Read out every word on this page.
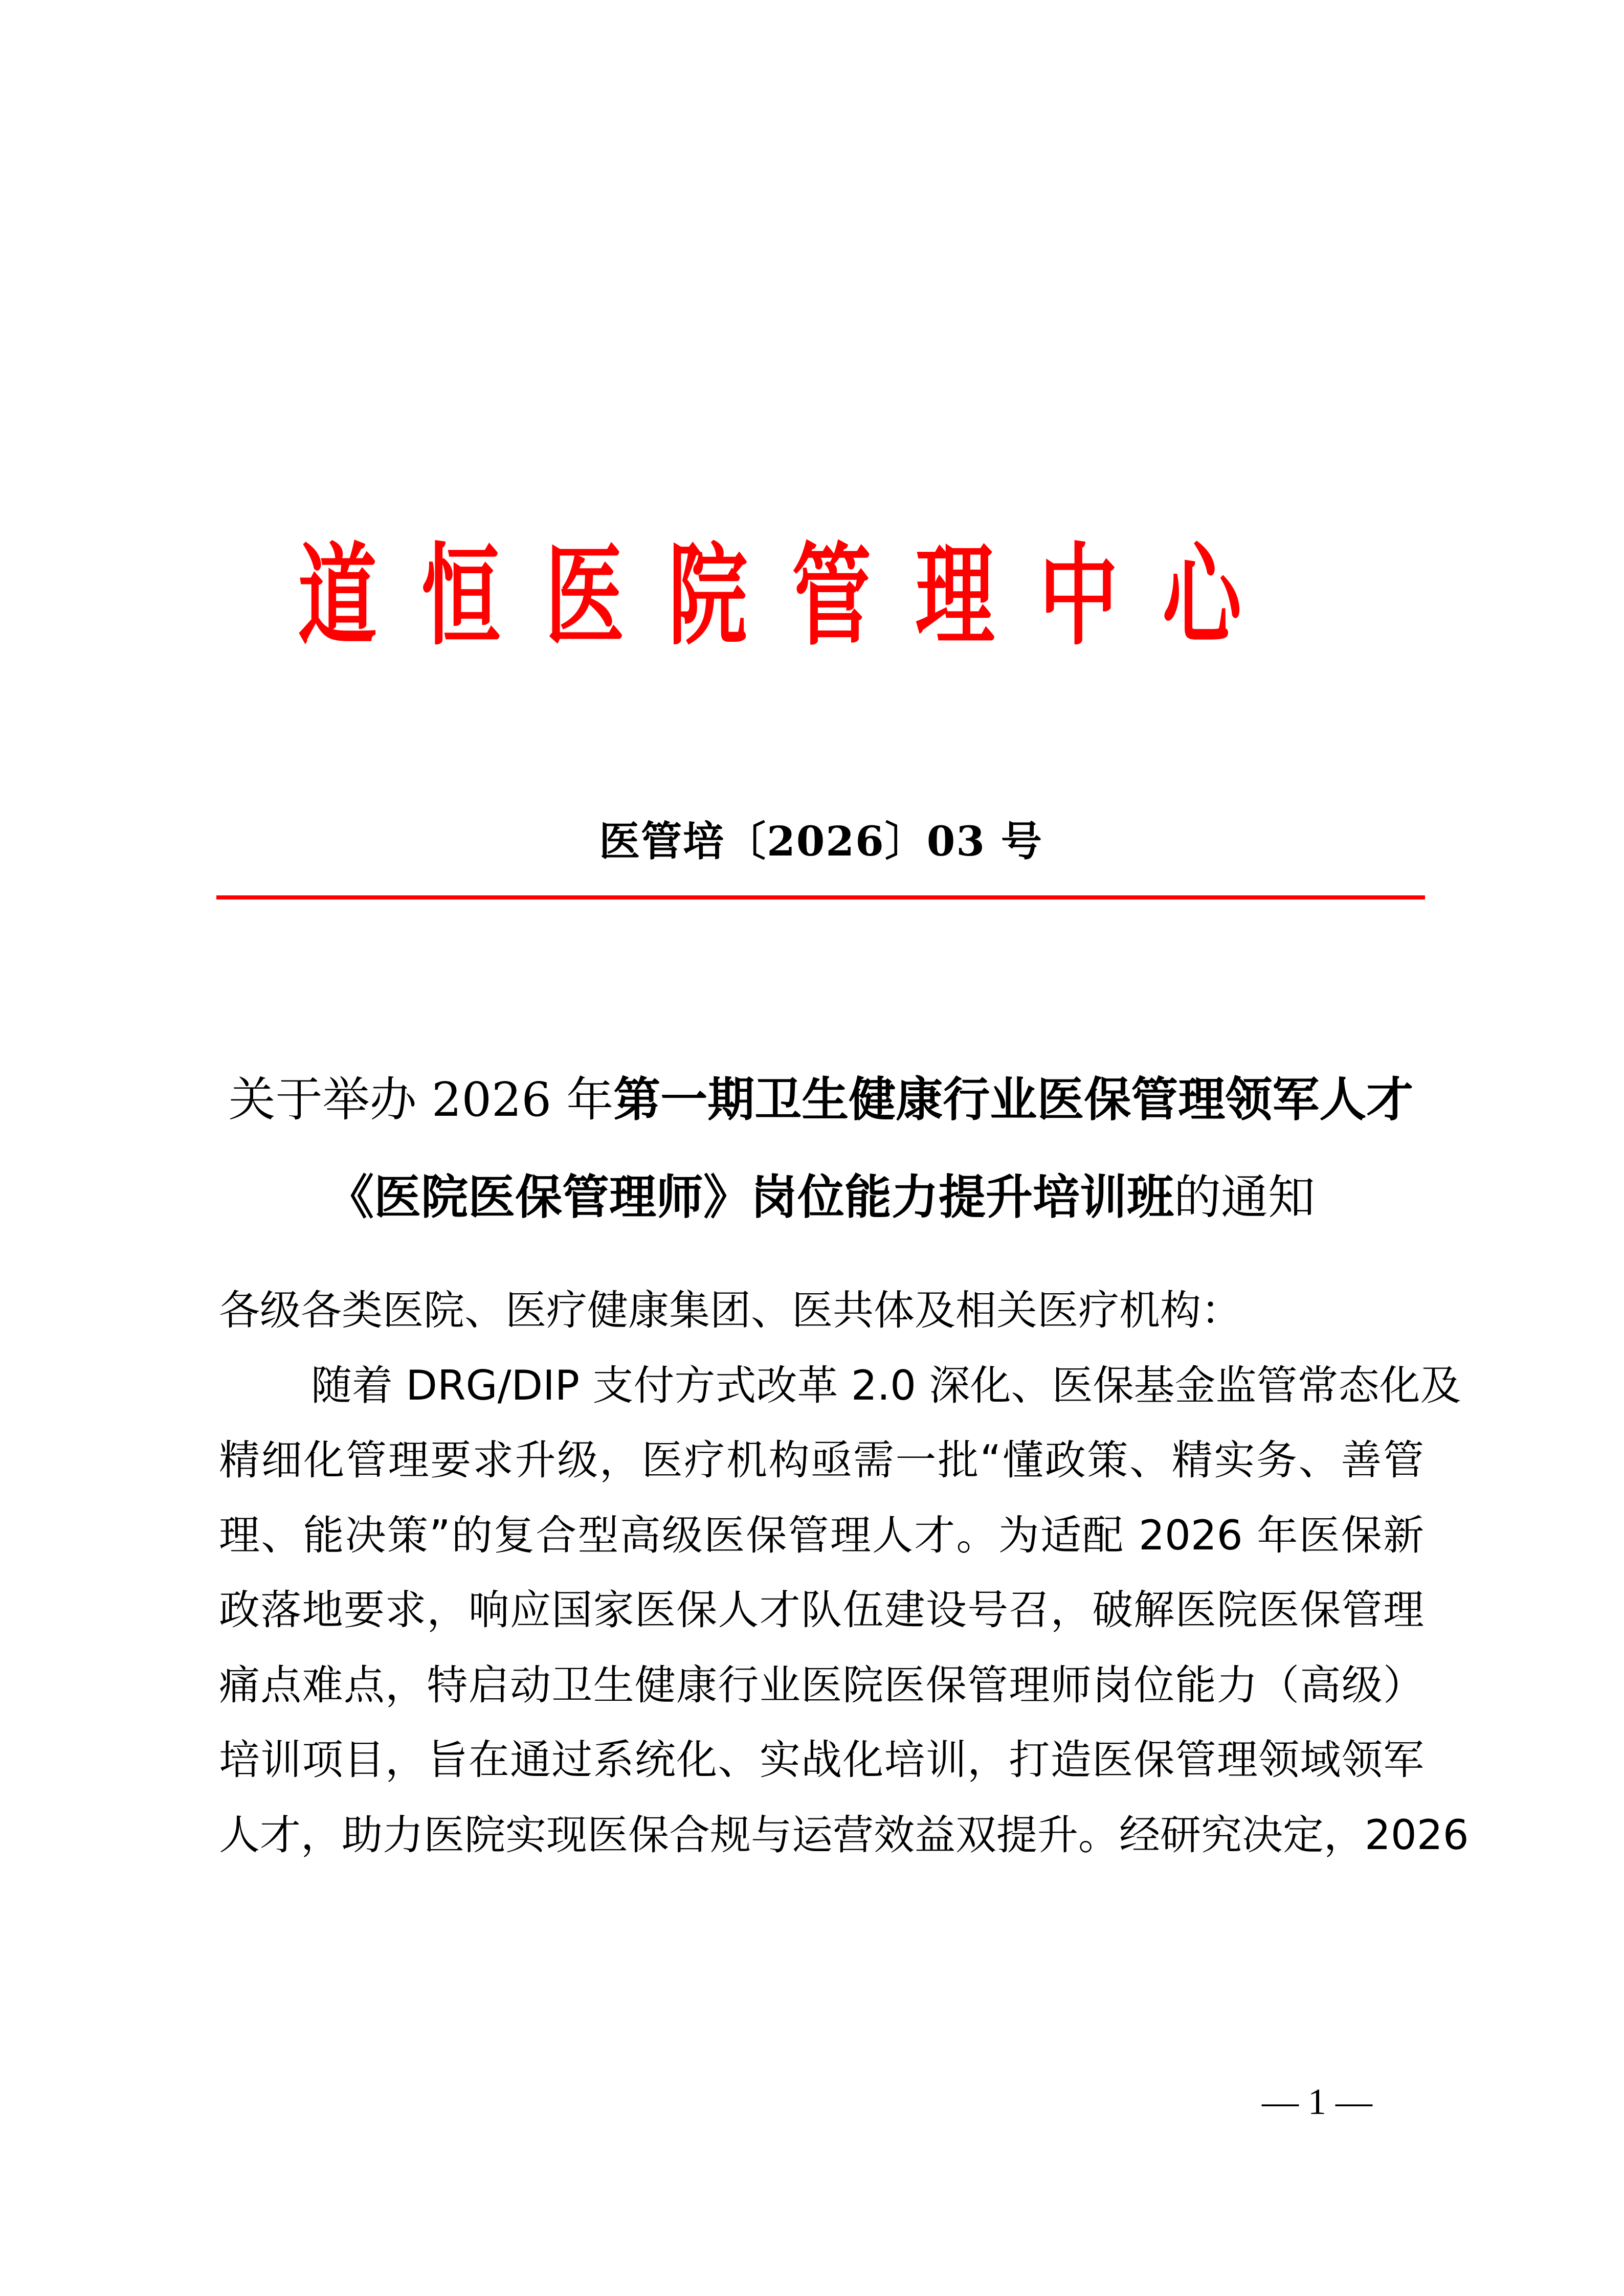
道 恒 医 院 管 理 中 心
医管培〔2026〕03 号
关于举办 2026 年第一期卫生健康行业医保管理领军人才
《医院医保管理师》岗位能力提升培训班的通知
各级各类医院、医疗健康集团、医共体及相关医疗机构：
随着 DRG/DIP 支付方式改革 2.0 深化、医保基金监管常态化及
精细化管理要求升级，医疗机构亟需一批“懂政策、精实务、善管
理、能决策”的复合型高级医保管理人才。为适配 2026 年医保新
政落地要求，响应国家医保人才队伍建设号召，破解医院医保管理
痛点难点，特启动卫生健康行业医院医保管理师岗位能力（高级）
培训项目，旨在通过系统化、实战化培训，打造医保管理领域领军
人才，助力医院实现医保合规与运营效益双提升。经研究决定，2026
— 1 —
